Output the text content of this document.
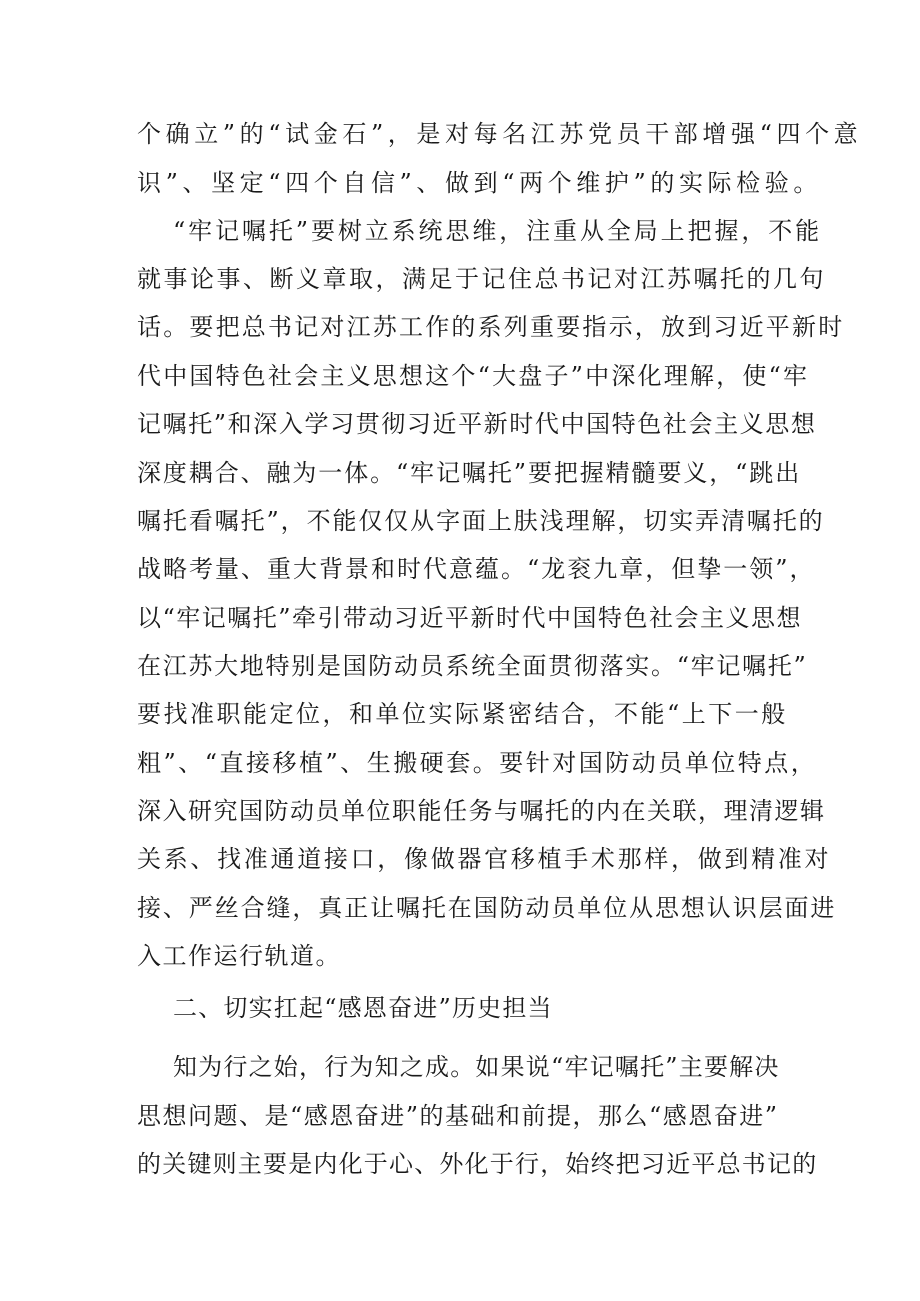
个确立”的“试金石”，是对每名江苏党员干部增强“四个意

识”、坚定“四个自信”、做到“两个维护”的实际检验。

“牢记嘱托”要树立系统思维，注重从全局上把握，不能

就事论事、断义章取，满足于记住总书记对江苏嘱托的几句

话。要把总书记对江苏工作的系列重要指示，放到习近平新时

代中国特色社会主义思想这个“大盘子”中深化理解，使“牢

记嘱托”和深入学习贯彻习近平新时代中国特色社会主义思想

深度耦合、融为一体。“牢记嘱托”要把握精髓要义，“跳出

嘱托看嘱托”，不能仅仅从字面上肤浅理解，切实弄清嘱托的

战略考量、重大背景和时代意蕴。“龙衮九章，但挚一领”，

以“牢记嘱托”牵引带动习近平新时代中国特色社会主义思想

在江苏大地特别是国防动员系统全面贯彻落实。“牢记嘱托”

要找准职能定位，和单位实际紧密结合，不能“上下一般

粗”、“直接移植”、生搬硬套。要针对国防动员单位特点，

深入研究国防动员单位职能任务与嘱托的内在关联，理清逻辑

关系、找准通道接口，像做器官移植手术那样，做到精准对

接、严丝合缝，真正让嘱托在国防动员单位从思想认识层面进

入工作运行轨道。

二、切实扛起“感恩奋进”历史担当

知为行之始，行为知之成。如果说“牢记嘱托”主要解决

思想问题、是“感恩奋进”的基础和前提，那么“感恩奋进”

的关键则主要是内化于心、外化于行，始终把习近平总书记的
